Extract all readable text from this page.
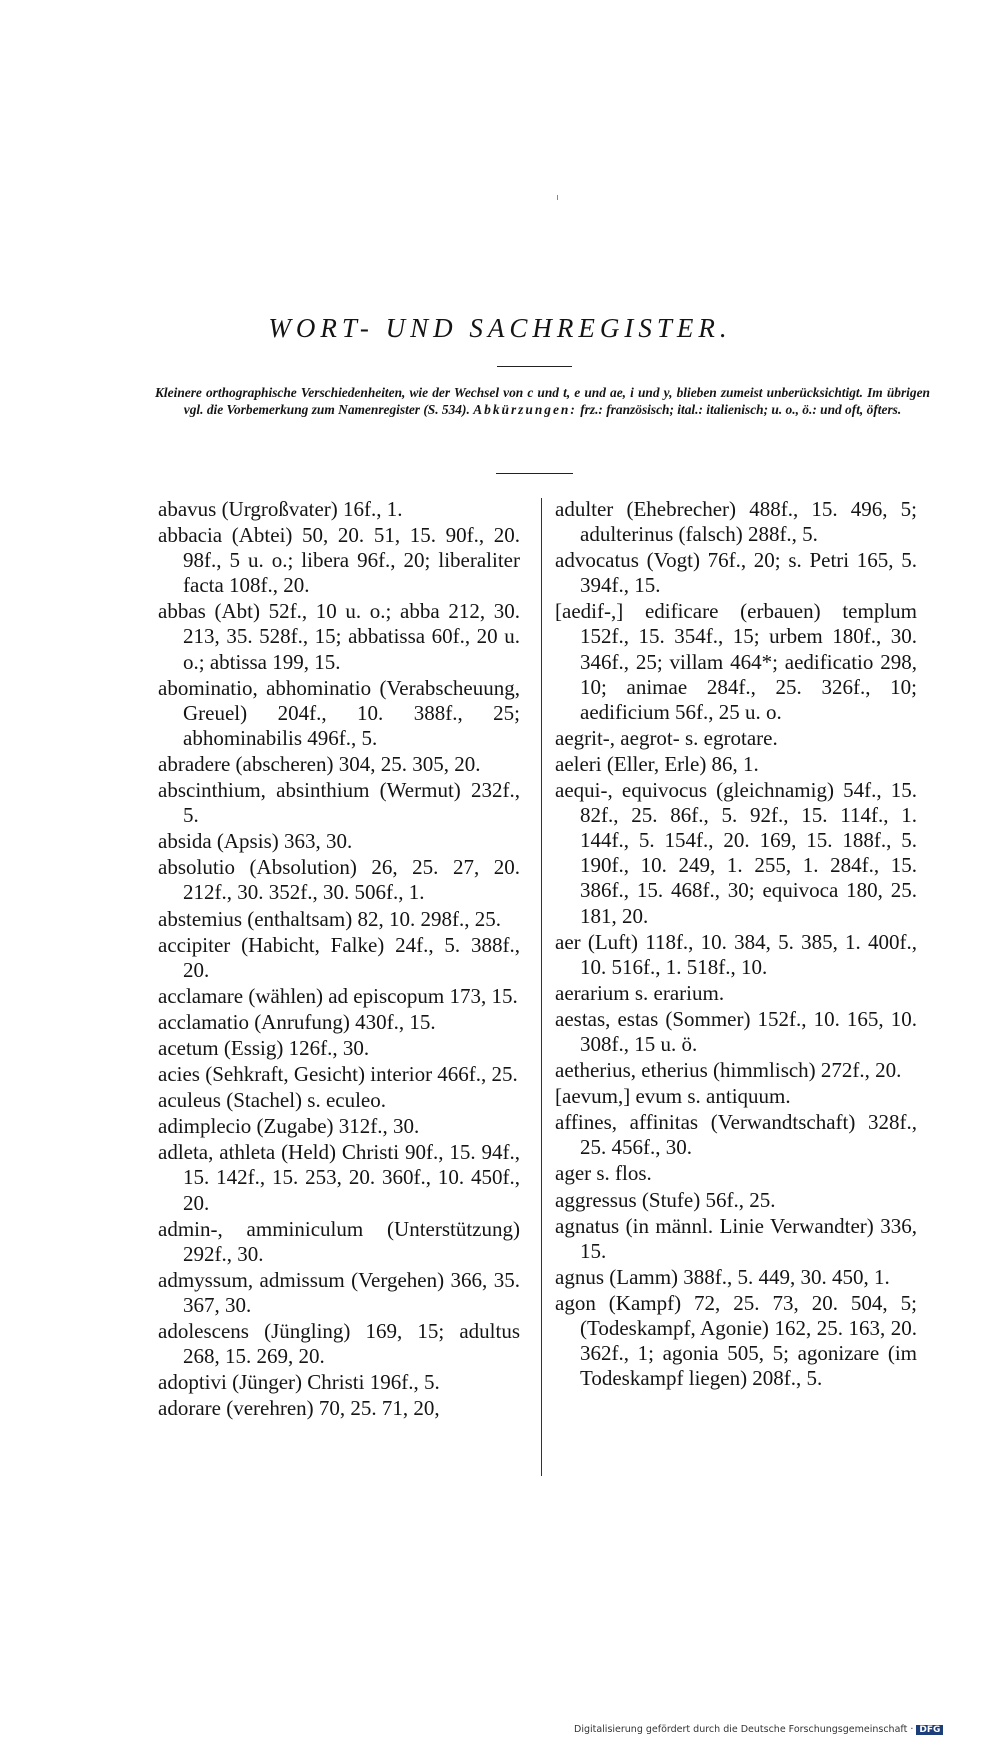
WORT- UND SACHREGISTER.
Kleinere orthographische Verschiedenheiten, wie der Wechsel von c und t, e und ae, i und y, blieben zumeist unberücksichtigt. Im übrigen vgl. die Vorbemerkung zum Namenregister (S. 534). Abkürzungen: frz.: französisch; ital.: italienisch; u. o., ö.: und oft, öfters.

abavus (Urgroßvater) 16f., 1.

abbacia (Abtei) 50, 20. 51, 15. 90f., 20. 98f., 5 u. o.; libera 96f., 20; liberaliter facta 108f., 20.

abbas (Abt) 52f., 10 u. o.; abba 212, 30. 213, 35. 528f., 15; abbatissa 60f., 20 u. o.; abtissa 199, 15.

abominatio, abhominatio (Verabscheuung, Greuel) 204f., 10. 388f., 25; abhominabilis 496f., 5.

abradere (abscheren) 304, 25. 305, 20.

abscinthium, absinthium (Wermut) 232f., 5.

absida (Apsis) 363, 30.

absolutio (Absolution) 26, 25. 27, 20. 212f., 30. 352f., 30. 506f., 1.

abstemius (enthaltsam) 82, 10. 298f., 25.

accipiter (Habicht, Falke) 24f., 5. 388f., 20.

acclamare (wählen) ad episcopum 173, 15.

acclamatio (Anrufung) 430f., 15.

acetum (Essig) 126f., 30.

acies (Sehkraft, Gesicht) interior 466f., 25.

aculeus (Stachel) s. eculeo.

adimplecio (Zugabe) 312f., 30.

adleta, athleta (Held) Christi 90f., 15. 94f., 15. 142f., 15. 253, 20. 360f., 10. 450f., 20.

admin-, amminiculum (Unterstützung) 292f., 30.

admyssum, admissum (Vergehen) 366, 35. 367, 30.

adolescens (Jüngling) 169, 15; adultus 268, 15. 269, 20.

adoptivi (Jünger) Christi 196f., 5.

adorare (verehren) 70, 25. 71, 20,

adulter (Ehebrecher) 488f., 15. 496, 5; adulterinus (falsch) 288f., 5.

advocatus (Vogt) 76f., 20; s. Petri 165, 5. 394f., 15.

[aedif-,] edificare (erbauen) templum 152f., 15. 354f., 15; urbem 180f., 30. 346f., 25; villam 464*; aedificatio 298, 10; animae 284f., 25. 326f., 10; aedificium 56f., 25 u. o.

aegrit-, aegrot- s. egrotare.

aeleri (Eller, Erle) 86, 1.

aequi-, equivocus (gleichnamig) 54f., 15. 82f., 25. 86f., 5. 92f., 15. 114f., 1. 144f., 5. 154f., 20. 169, 15. 188f., 5. 190f., 10. 249, 1. 255, 1. 284f., 15. 386f., 15. 468f., 30; equivoca 180, 25. 181, 20.

aer (Luft) 118f., 10. 384, 5. 385, 1. 400f., 10. 516f., 1. 518f., 10.

aerarium s. erarium.

aestas, estas (Sommer) 152f., 10. 165, 10. 308f., 15 u. ö.

aetherius, etherius (himmlisch) 272f., 20.

[aevum,] evum s. antiquum.

affines, affinitas (Verwandtschaft) 328f., 25. 456f., 30.

ager s. flos.

aggressus (Stufe) 56f., 25.

agnatus (in männl. Linie Verwandter) 336, 15.

agnus (Lamm) 388f., 5. 449, 30. 450, 1.

agon (Kampf) 72, 25. 73, 20. 504, 5; (Todeskampf, Agonie) 162, 25. 163, 20. 362f., 1; agonia 505, 5; agonizare (im Todeskampf liegen) 208f., 5.

Digitalisierung gefördert durch die Deutsche Forschungsgemeinschaft · DFG
